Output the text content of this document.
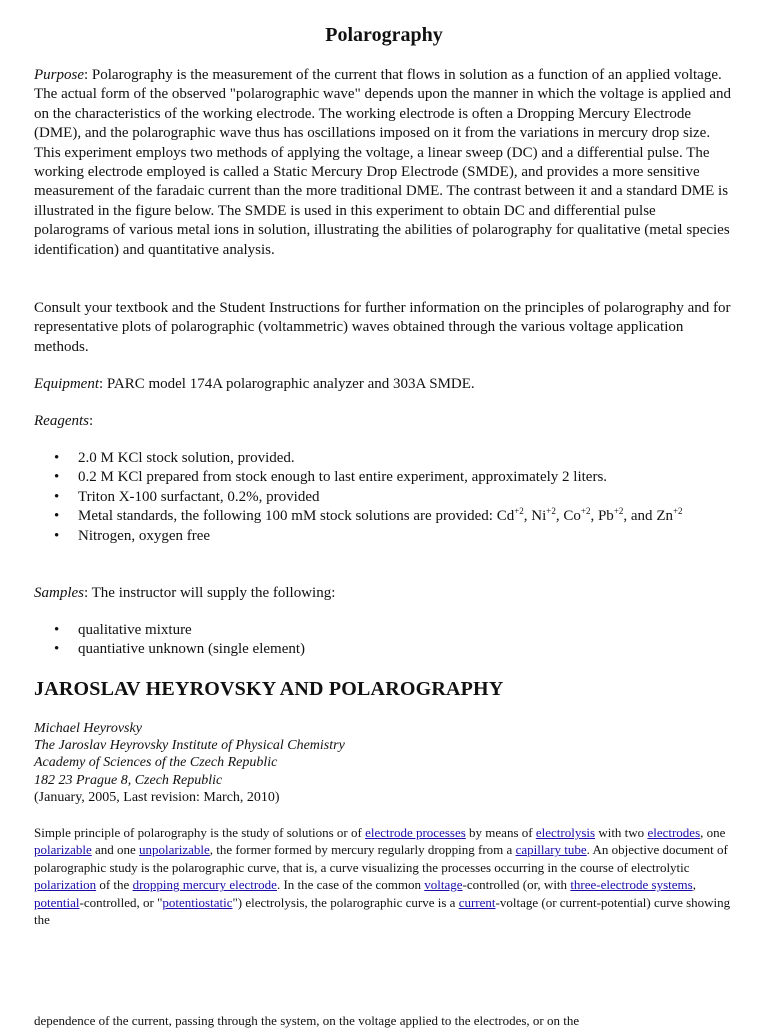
Polarography

Purpose: Polarography is the measurement of the current that flows in solution as a function of an applied voltage. The actual form of the observed "polarographic wave" depends upon the manner in which the voltage is applied and on the characteristics of the working electrode. The working electrode is often a Dropping Mercury Electrode (DME), and the polarographic wave thus has oscillations imposed on it from the variations in mercury drop size. This experiment employs two methods of applying the voltage, a linear sweep (DC) and a differential pulse. The working electrode employed is called a Static Mercury Drop Electrode (SMDE), and provides a more sensitive measurement of the faradaic current than the more traditional DME. The contrast between it and a standard DME is illustrated in the figure below. The SMDE is used in this experiment to obtain DC and differential pulse polarograms of various metal ions in solution, illustrating the abilities of polarography for qualitative (metal species identification) and quantitative analysis.

Consult your textbook and the Student Instructions for further information on the principles of polarography and for representative plots of polarographic (voltammetric) waves obtained through the various voltage application methods.

Equipment: PARC model 174A polarographic analyzer and 303A SMDE.

Reagents:

• 2.0 M KCl stock solution, provided.
• 0.2 M KCl prepared from stock enough to last entire experiment, approximately 2 liters.
• Triton X-100 surfactant, 0.2%, provided
• Metal standards, the following 100 mM stock solutions are provided: $Cd^{+2}$, $Ni^{+2}$, $Co^{+2}$, $Pb^{+2}$, and $Zn^{+2}$
• Nitrogen, oxygen free

Samples: The instructor will supply the following:

• qualitative mixture
• quantiative unknown (single element)
JAROSLAV HEYROVSKY AND POLAROGRAPHY
Michael Heyrovsky
The Jaroslav Heyrovsky Institute of Physical Chemistry
Academy of Sciences of the Czech Republic
182 23 Prague 8, Czech Republic
(January, 2005, Last revision: March, 2010)

Simple principle of polarography is the study of solutions or of electrode processes by means of electrolysis with two electrodes, one polarizable and one unpolarizable, the former formed by mercury regularly dropping from a capillary tube. An objective document of polarographic study is the polarographic curve, that is, a curve visualizing the processes occurring in the course of electrolytic polarization of the dropping mercury electrode. In the case of the common voltage-controlled (or, with three-electrode systems, potential-controlled, or "potentiostatic") electrolysis, the polarographic curve is a current-voltage (or current-potential) curve showing the

dependence of the current, passing through the system, on the voltage applied to the electrodes, or on the
